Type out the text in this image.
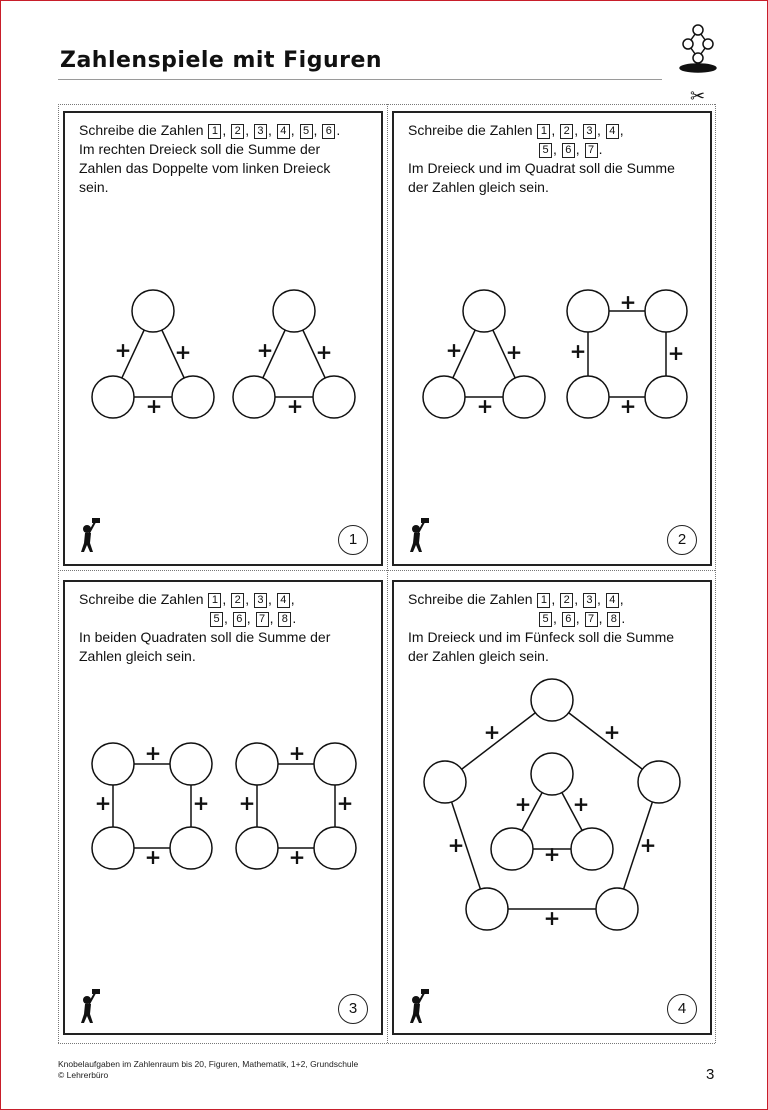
Zahlenspiele mit Figuren
✂
Schreibe die Zahlen 1 , 2 , 3 , 4 , 5 , 6 .
Im rechten Dreieck soll die Summe der
Zahlen das Doppelte vom linken Dreieck
sein.
+ +
+
+ +
+
1
Schreibe die Zahlen 1 , 2 , 3 , 4 ,
5 , 6 , 7 .
Im Dreieck und im Quadrat soll die Summe
der Zahlen gleich sein.
+ +
+
+
+	+
+
2
Schreibe die Zahlen 1 , 2 , 3 , 4 ,
5 , 6 , 7 , 8 .
In beiden Quadraten soll die Summe der
Zahlen gleich sein.
+
+	+
+
+
+	+
+
3
Schreibe die Zahlen 1 , 2 , 3 , 4 ,
5 , 6 , 7 , 8 .
Im Dreieck und im Fünfeck soll die Summe
der Zahlen gleich sein.
+	+
+	+
+
+ +
+
4
Knobelaufgaben im Zahlenraum bis 20, Figuren, Mathematik, 1+2, Grundschule
© Lehrerbüro	3
